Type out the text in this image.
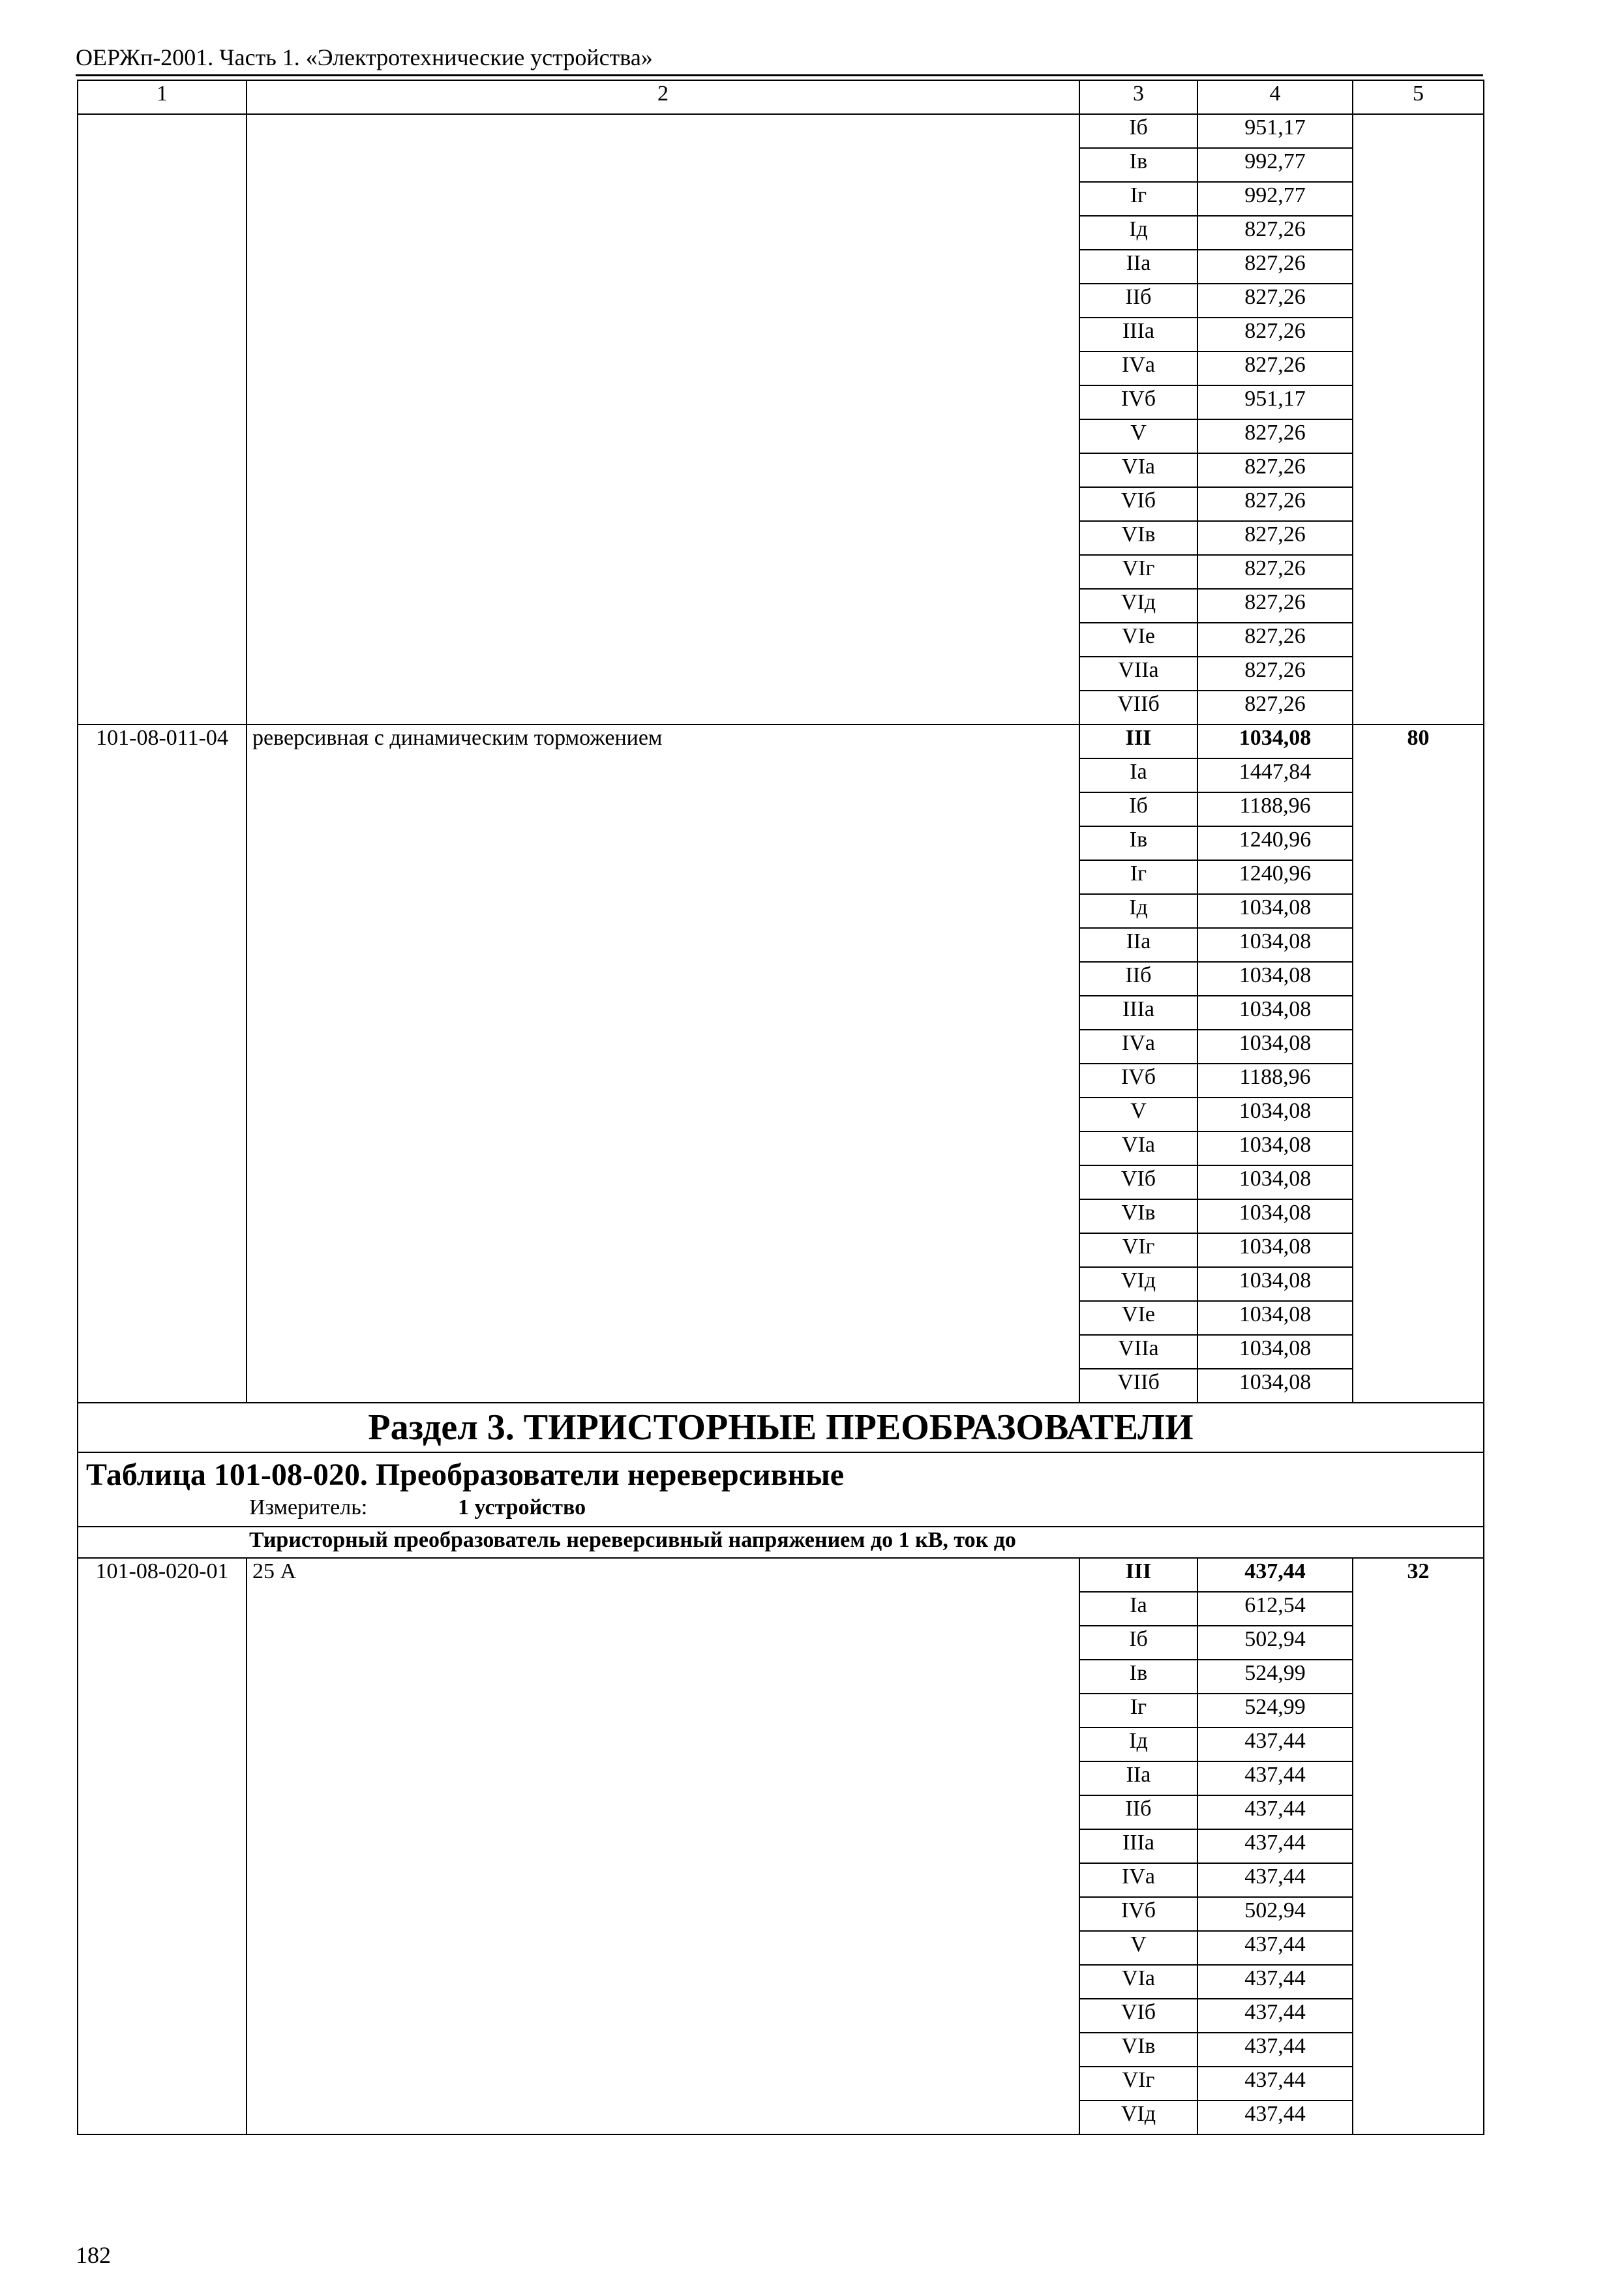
ОЕРЖп-2001. Часть 1. «Электротехнические устройства»
1	2	3	4	5
		Iб	951,17	
		Iв	992,77	
		Iг	992,77	
		Iд	827,26	
		IIа	827,26	
		IIб	827,26	
		IIIа	827,26	
		IVа	827,26	
		IVб	951,17	
		V	827,26	
		VIа	827,26	
		VIб	827,26	
		VIв	827,26	
		VIг	827,26	
		VIд	827,26	
		VIе	827,26	
		VIIа	827,26	
		VIIб	827,26	
101-08-011-04	реверсивная с динамическим торможением	III	1034,08	80
		Iа	1447,84	
		Iб	1188,96	
		Iв	1240,96	
		Iг	1240,96	
		Iд	1034,08	
		IIа	1034,08	
		IIб	1034,08	
		IIIа	1034,08	
		IVа	1034,08	
		IVб	1188,96	
		V	1034,08	
		VIа	1034,08	
		VIб	1034,08	
		VIв	1034,08	
		VIг	1034,08	
		VIд	1034,08	
		VIе	1034,08	
		VIIа	1034,08	
		VIIб	1034,08	
Раздел 3. ТИРИСТОРНЫЕ ПРЕОБРАЗОВАТЕЛИ				

Таблица 101-08-020. Преобразователи нереверсивные
Измеритель: 1 устройство				

Тиристорный преобразователь нереверсивный напряжением до 1 кВ, ток до				
101-08-020-01	25 А	III	437,44	32
		Iа	612,54	
		Iб	502,94	
		Iв	524,99	
		Iг	524,99	
		Iд	437,44	
		IIа	437,44	
		IIб	437,44	
		IIIа	437,44	
		IVа	437,44	
		IVб	502,94	
		V	437,44	
		VIа	437,44	
		VIб	437,44	
		VIв	437,44	
		VIг	437,44	
		VIд	437,44	
182
